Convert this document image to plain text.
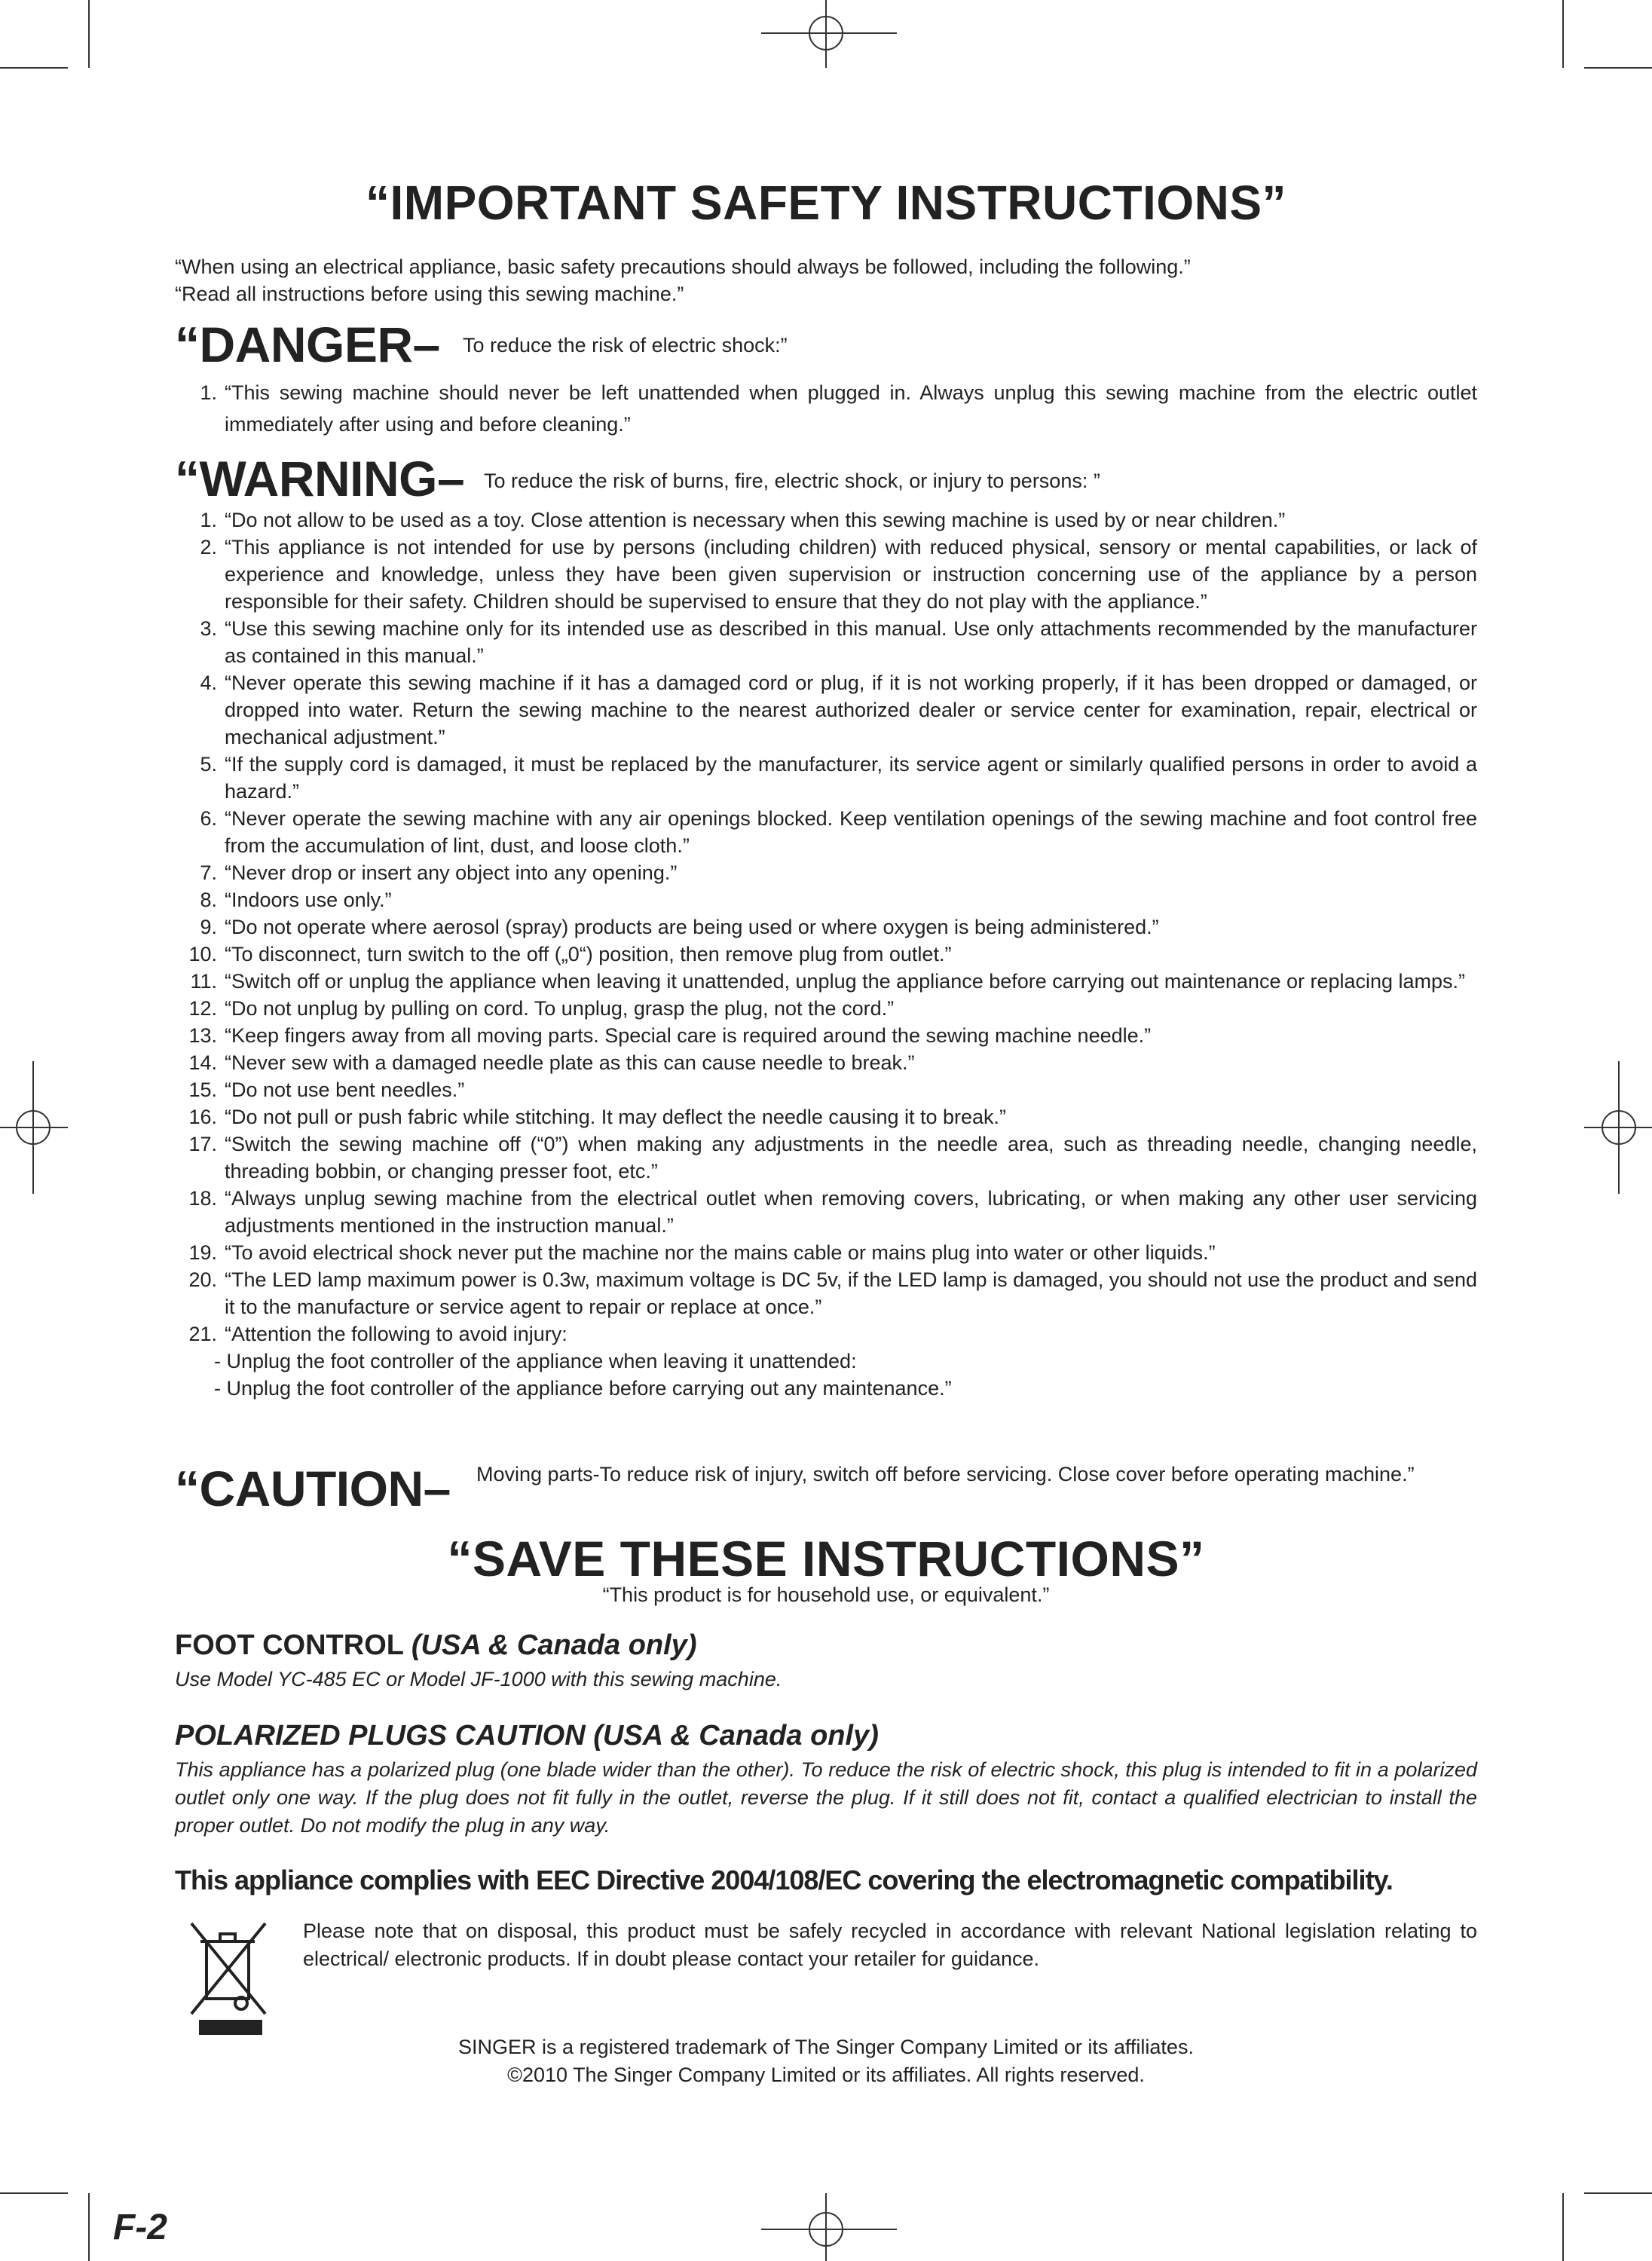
“IMPORTANT SAFETY INSTRUCTIONS”
“When using an electrical appliance, basic safety precautions should always be followed, including the following.”
“Read all instructions before using this sewing machine.”
“DANGER– To reduce the risk of electric shock:”
1. “This sewing machine should never be left unattended when plugged in. Always unplug this sewing machine from the electric outlet immediately after using and before cleaning.”
“WARNING– To reduce the risk of burns, fire, electric shock, or injury to persons: ”
1. “Do not allow to be used as a toy. Close attention is necessary when this sewing machine is used by or near children.”
2. “This appliance is not intended for use by persons (including children) with reduced physical, sensory or mental capabilities, or lack of experience and knowledge, unless they have been given supervision or instruction concerning use of the appliance by a person responsible for their safety. Children should be supervised to ensure that they do not play with the appliance.”
3. “Use this sewing machine only for its intended use as described in this manual. Use only attachments recommended by the manufacturer as contained in this manual.”
4. “Never operate this sewing machine if it has a damaged cord or plug, if it is not working properly, if it has been dropped or damaged, or dropped into water. Return the sewing machine to the nearest authorized dealer or service center for examination, repair, electrical or mechanical adjustment.”
5. “If the supply cord is damaged, it must be replaced by the manufacturer, its service agent or similarly qualified persons in order to avoid a hazard.”
6. “Never operate the sewing machine with any air openings blocked. Keep ventilation openings of the sewing machine and foot control free from the accumulation of lint, dust, and loose cloth.”
7. “Never drop or insert any object into any opening.”
8. “Indoors use only.”
9. “Do not operate where aerosol (spray) products are being used or where oxygen is being administered.”
10. “To disconnect, turn switch to the off („0“) position, then remove plug from outlet.”
11. “Switch off or unplug the appliance when leaving it unattended, unplug the appliance before carrying out maintenance or replacing lamps.”
12. “Do not unplug by pulling on cord. To unplug, grasp the plug, not the cord.”
13. “Keep fingers away from all moving parts. Special care is required around the sewing machine needle.”
14. “Never sew with a damaged needle plate as this can cause needle to break.”
15. “Do not use bent needles.”
16. “Do not pull or push fabric while stitching. It may deflect the needle causing it to break.”
17. “Switch the sewing machine off (“0”) when making any adjustments in the needle area, such as threading needle, changing needle, threading bobbin, or changing presser foot, etc.”
18. “Always unplug sewing machine from the electrical outlet when removing covers, lubricating, or when making any other user servicing adjustments mentioned in the instruction manual.”
19. “To avoid electrical shock never put the machine nor the mains cable or mains plug into water or other liquids.”
20. “The LED lamp maximum power is 0.3w, maximum voltage is DC 5v, if the LED lamp is damaged, you should not use the product and send it to the manufacture or service agent to repair or replace at once.”
21. “Attention the following to avoid injury:
- Unplug the foot controller of the appliance when leaving it unattended:
- Unplug the foot controller of the appliance before carrying out any maintenance.”
“CAUTION– Moving parts-To reduce risk of injury, switch off before servicing. Close cover before operating machine.”
“SAVE THESE INSTRUCTIONS”
“This product is for household use, or equivalent.”
FOOT CONTROL (USA & Canada only)
Use Model YC-485 EC or Model JF-1000 with this sewing machine.
POLARIZED PLUGS CAUTION (USA & Canada only)
This appliance has a polarized plug (one blade wider than the other). To reduce the risk of electric shock, this plug is intended to fit in a polarized outlet only one way. If the plug does not fit fully in the outlet, reverse the plug. If it still does not fit, contact a qualified electrician to install the proper outlet. Do not modify the plug in any way.
This appliance complies with EEC Directive 2004/108/EC covering the electromagnetic compatibility.
Please note that on disposal, this product must be safely recycled in accordance with relevant National legislation relating to electrical/ electronic products. If in doubt please contact your retailer for guidance.
SINGER is a registered trademark of The Singer Company Limited or its affiliates.
©2010 The Singer Company Limited or its affiliates. All rights reserved.
F-2
